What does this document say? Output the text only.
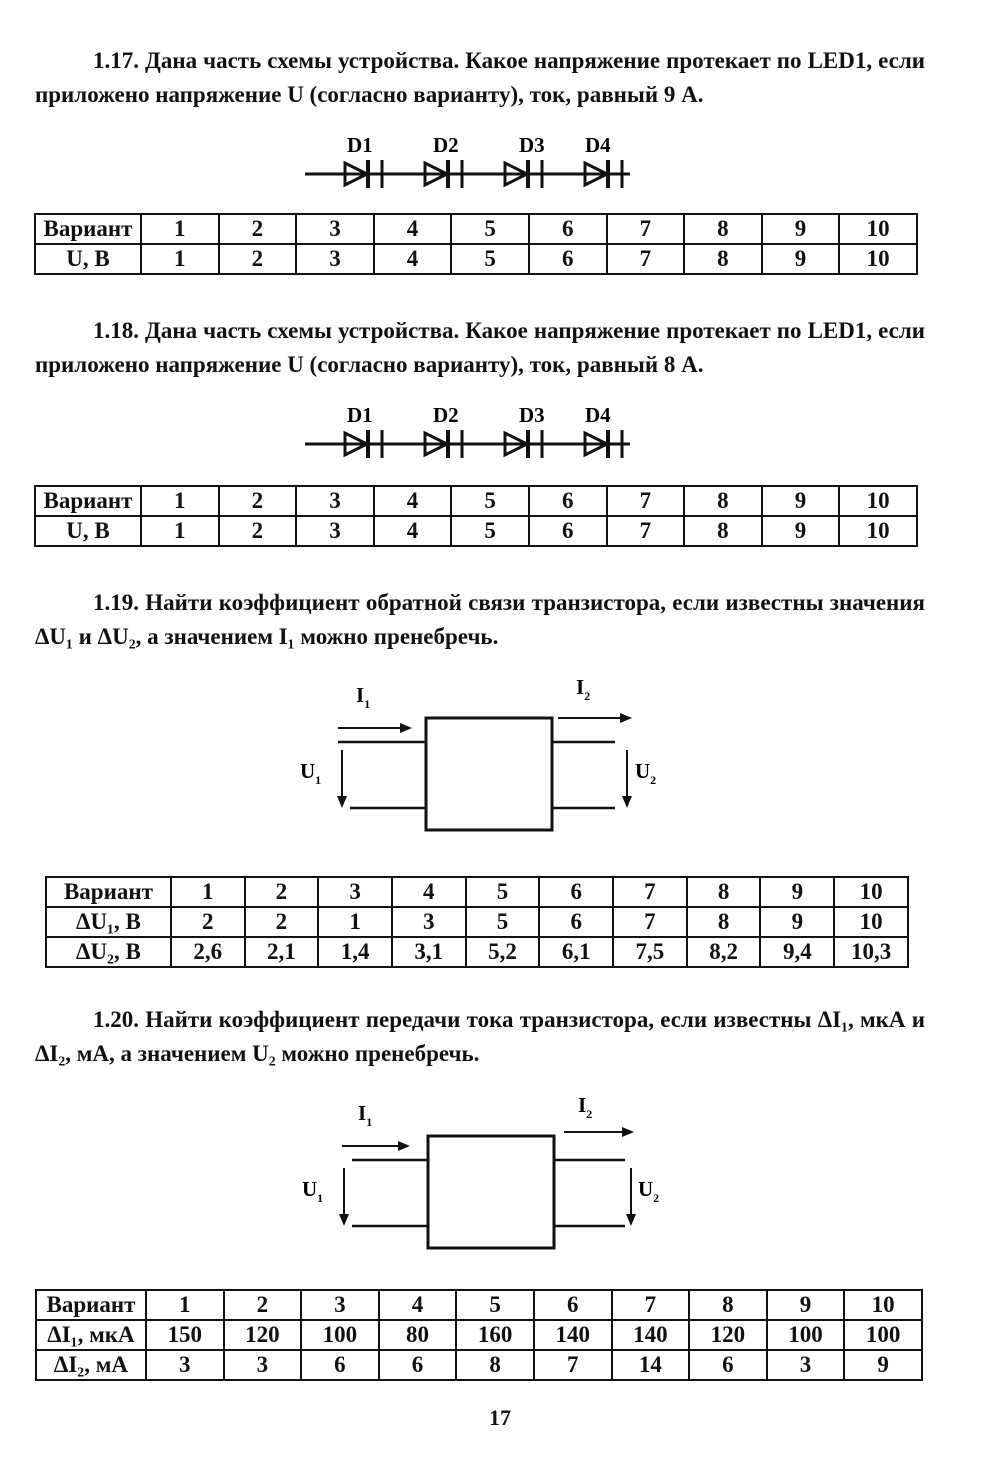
1.17. Дана часть схемы устройства. Какое напряжение протекает по LED1, если приложено напряжение U (согласно варианту), ток, равный 9 А.

D1	D2	D3 D4
Вариант	1	2	3	4	5	6	7	8	9	10
U, В	1	2	3	4	5	6	7	8	9	10

1.18. Дана часть схемы устройства. Какое напряжение протекает по LED1, если приложено напряжение U (согласно варианту), ток, равный 8 А.

D1	D2	D3 D4
Вариант	1	2	3	4	5	6	7	8	9	10
U, В	1	2	3	4	5	6	7	8	9	10

1.19. Найти коэффициент обратной связи транзистора, если известны значения ΔU₁ и ΔU₂, а значением I₁ можно пренебречь.

$I_1$
$I_2$
$U_1$	$U_2$
Вариант	1	2	3	4	5	6	7	8	9	10
ΔU₁, В	2	2	1	3	5	6	7	8	9	10
ΔU₂, В	2,6	2,1	1,4	3,1	5,2	6,1	7,5	8,2	9,4	10,3

1.20. Найти коэффициент передачи тока транзистора, если известны ΔI₁, мкА и ΔI₂, мА, а значением U₂ можно пренебречь.

$I_1$
$I_2$
$U_1$	$U_2$
Вариант	1	2	3	4	5	6	7	8	9	10
ΔI₁, мкА	150	120	100	80	160	140	140	120	100	100
ΔI₂, мА	3	3	6	6	8	7	14	6	3	9
17
